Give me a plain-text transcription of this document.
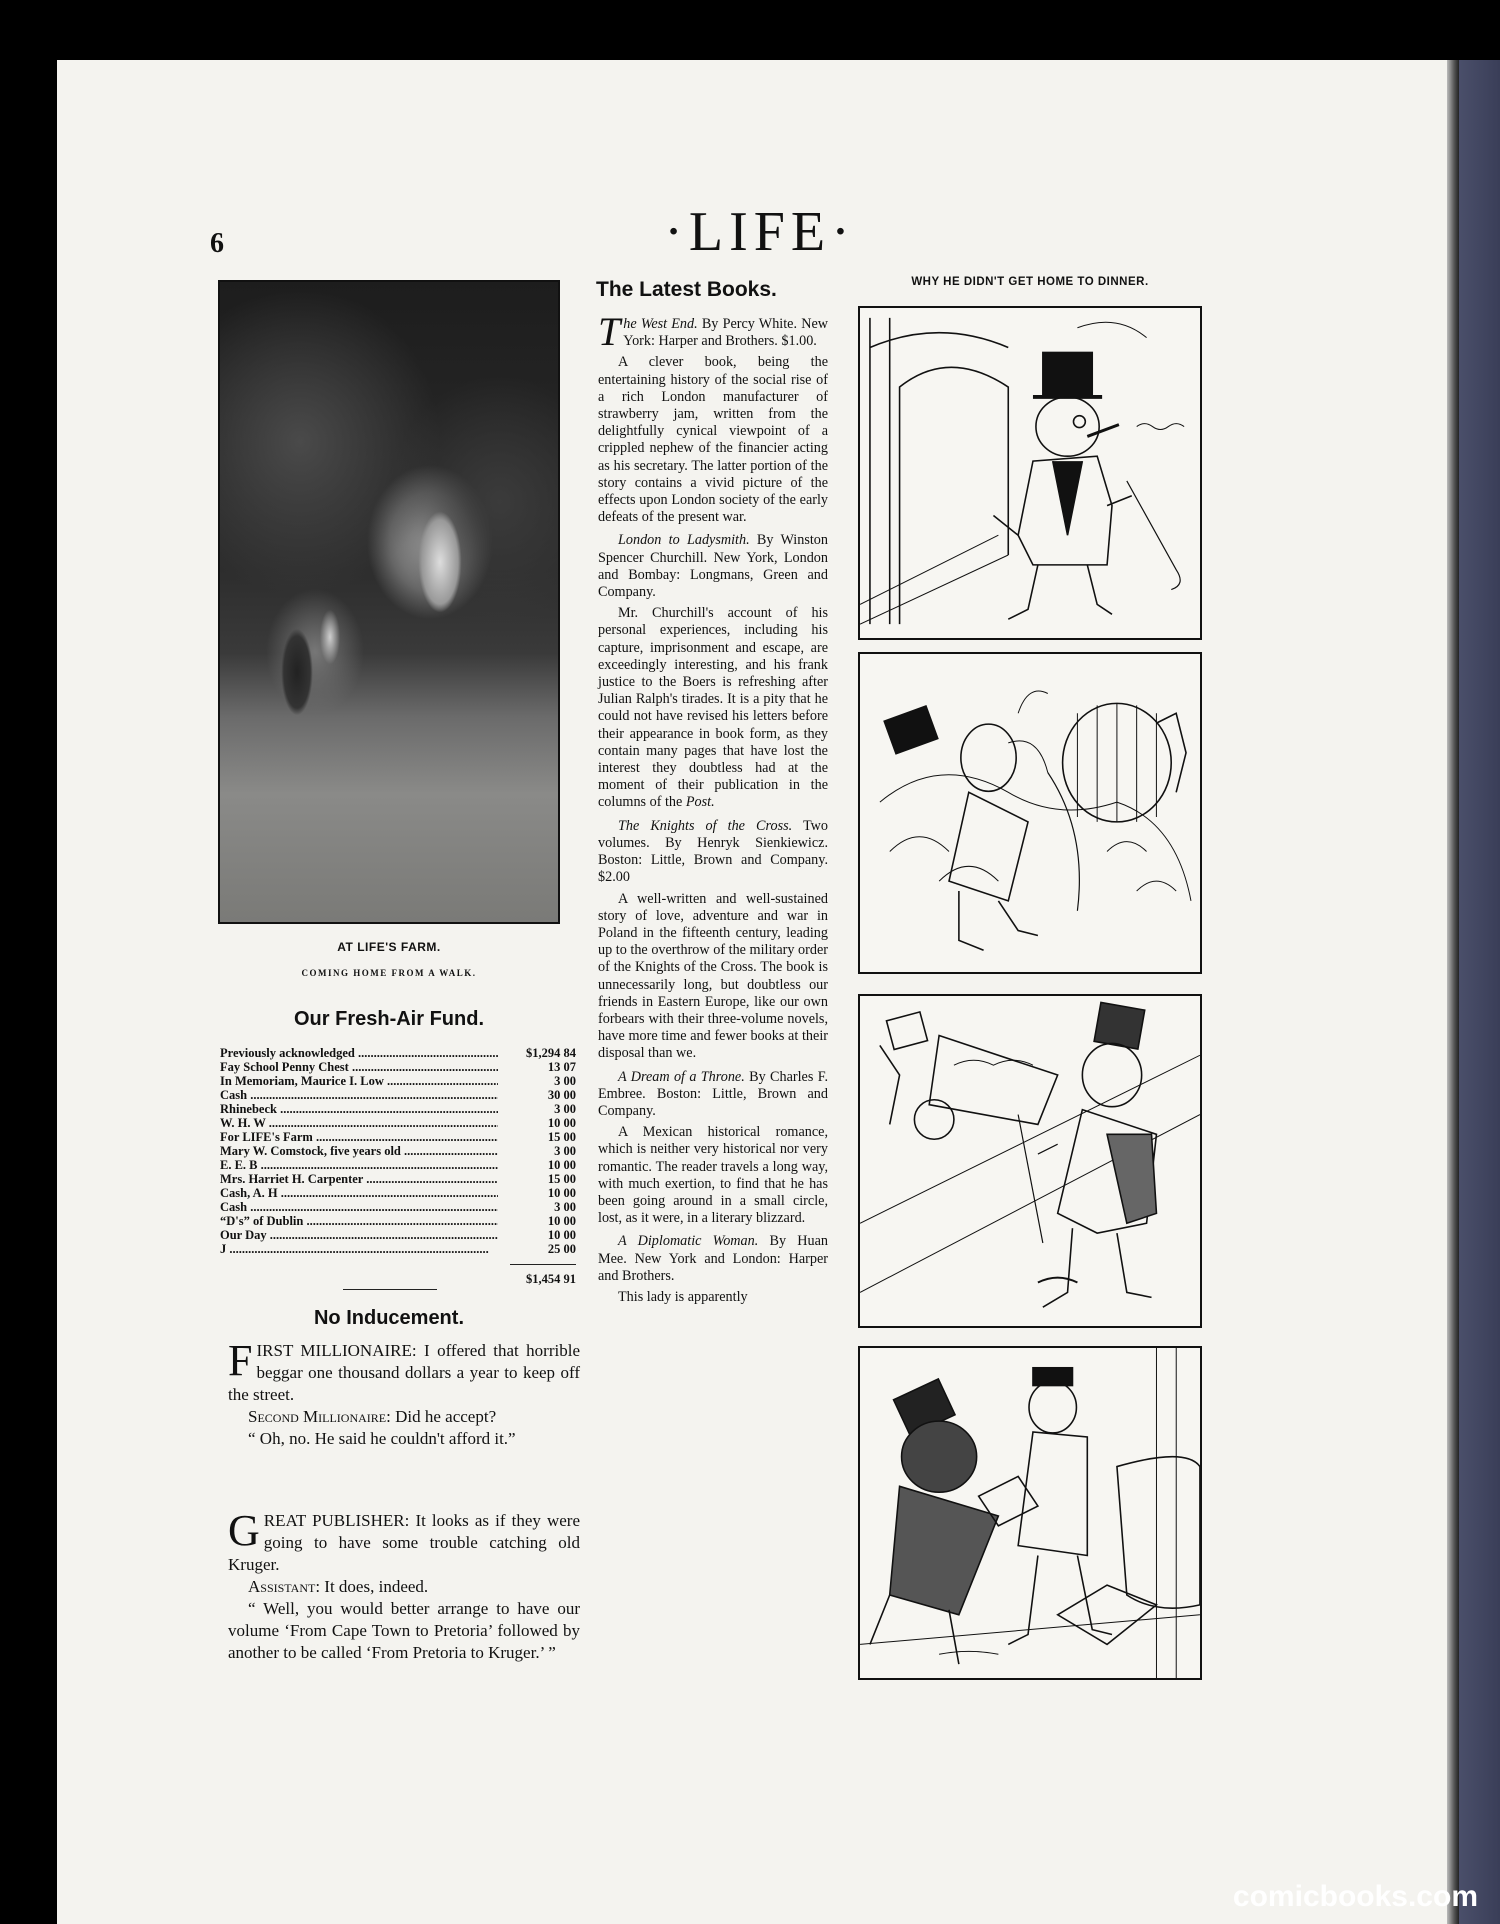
6	·LIFE·
AT LIFE'S FARM.
COMING HOME FROM A WALK.
Our Fresh-Air Fund.
Previously acknowledged .....	$1,294 84
Fay School Penny Chest .....	13 07
In Memoriam, Maurice I. Low .....	3 00
Cash .....	30 00
Rhinebeck .....	3 00
W. H. W .....	10 00
For LIFE's Farm .....	15 00
Mary W. Comstock, five years old .....	3 00
E. E. B .....	10 00
Mrs. Harriet H. Carpenter .....	15 00
Cash, A. H .....	10 00
Cash .....	3 00
“D's” of Dublin .....	10 00
Our Day .....	10 00
J .....	25 00
$1,454 91
No Inducement.

FIRST MILLIONAIRE: I offered that horrible beggar one thousand dollars a year to keep off the street.

Second Millionaire: Did he accept?

“ Oh, no. He said he couldn't afford it.”

GREAT PUBLISHER: It looks as if they were going to have some trouble catching old Kruger.

Assistant: It does, indeed.

“ Well, you would better arrange to have our volume ‘From Cape Town to Pretoria’ followed by another to be called ‘From Pretoria to Kruger.’ ”

The Latest Books.

The West End. By Percy White. New York: Harper and Brothers. $1.00.

A clever book, being the entertaining history of the social rise of a rich London manufacturer of strawberry jam, written from the delightfully cynical viewpoint of a crippled nephew of the financier acting as his secretary. The latter portion of the story contains a vivid picture of the effects upon London society of the early defeats of the present war.

London to Ladysmith. By Winston Spencer Churchill. New York, London and Bombay: Longmans, Green and Company.

Mr. Churchill's account of his personal experiences, including his capture, imprisonment and escape, are exceedingly interesting, and his frank justice to the Boers is refreshing after Julian Ralph's tirades. It is a pity that he could not have revised his letters before their appearance in book form, as they contain many pages that have lost the interest they doubtless had at the moment of their publication in the columns of the Post.

The Knights of the Cross. Two volumes. By Henryk Sienkiewicz. Boston: Little, Brown and Company. $2.00

A well-written and well-sustained story of love, adventure and war in Poland in the fifteenth century, leading up to the overthrow of the military order of the Knights of the Cross. The book is unnecessarily long, but doubtless our friends in Eastern Europe, like our own forbears with their three-volume novels, have more time and fewer books at their disposal than we.

A Dream of a Throne. By Charles F. Embree. Boston: Little, Brown and Company.

A Mexican historical romance, which is neither very historical nor very romantic. The reader travels a long way, with much exertion, to find that he has been going around in a small circle, lost, as it were, in a literary blizzard.

A Diplomatic Woman. By Huan Mee. New York and London: Harper and Brothers.

This lady is apparently

WHY HE DIDN'T GET HOME TO DINNER.
comicbooks.com
